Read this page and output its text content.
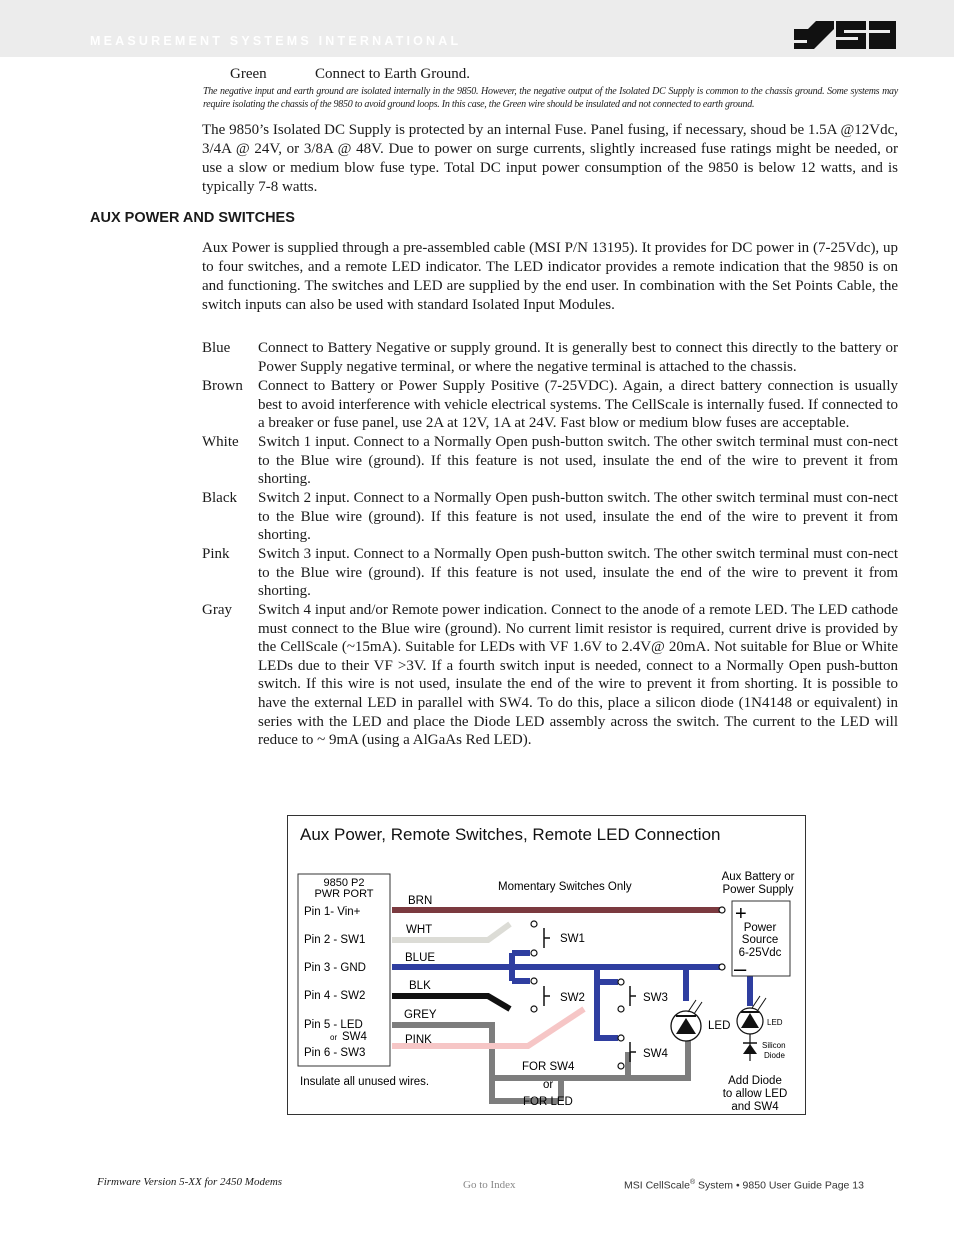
MEASUREMENT SYSTEMS INTERNATIONAL
Green	Connect to Earth Ground.
The negative input and earth ground are isolated internally in the 9850. However, the negative output of the Isolated DC Supply is common to the chassis ground. Some systems may require isolating the chassis of the 9850 to avoid ground loops. In this case, the Green wire should be insulated and not connected to earth ground.
The 9850’s Isolated DC Supply is protected by an internal Fuse. Panel fusing, if necessary, shoud be 1.5A @12Vdc, 3/4A @ 24V, or 3/8A @ 48V. Due to power on surge currents, slightly increased fuse ratings might be needed, or use a slow or medium blow fuse type. Total DC input power consumption of the 9850 is below 12 watts, and is typically 7-8 watts.
AUX POWER AND SWITCHES
Aux Power is supplied through a pre-assembled cable (MSI P/N 13195). It provides for DC power in (7-25Vdc), up to four switches, and a remote LED indicator. The LED indicator provides a remote indication that the 9850 is on and functioning. The switches and LED are supplied by the end user. In combination with the Set Points Cable, the switch inputs can also be used with standard Isolated Input Modules.
Blue Connect to Battery Negative or supply ground. It is generally best to connect this directly to the battery or Power Supply negative terminal, or where the negative terminal is attached to the chassis.
Brown Connect to Battery or Power Supply Positive (7-25VDC). Again, a direct battery connection is usually best to avoid interference with vehicle electrical systems. The CellScale is internally fused. If connected to a breaker or fuse panel, use 2A at 12V, 1A at 24V. Fast blow or medium blow fuses are acceptable.
White Switch 1 input. Connect to a Normally Open push-button switch. The other switch terminal must con-nect to the Blue wire (ground). If this feature is not used, insulate the end of the wire to prevent it from shorting.
Black Switch 2 input. Connect to a Normally Open push-button switch. The other switch terminal must con-nect to the Blue wire (ground). If this feature is not used, insulate the end of the wire to prevent it from shorting.
Pink Switch 3 input. Connect to a Normally Open push-button switch. The other switch terminal must con-nect to the Blue wire (ground). If this feature is not used, insulate the end of the wire to prevent it from shorting.
Gray Switch 4 input and/or Remote power indication. Connect to the anode of a remote LED. The LED cathode must connect to the Blue wire (ground). No current limit resistor is required, current drive is provided by the CellScale (~15mA). Suitable for LEDs with VF 1.6V to 2.4V@ 20mA. Not suitable for Blue or White LEDs due to their VF >3V. If a fourth switch input is needed, connect to a Normally Open push-button switch. If this wire is not used, insulate the end of the wire to prevent it from shorting. It is possible to have the external LED in parallel with SW4. To do this, place a silicon diode (1N4148 or equivalent) in series with the LED and place the Diode LED assembly across the switch. The current to the LED will reduce to ~ 9mA (using a AlGaAs Red LED).
Aux Power, Remote Switches, Remote LED Connection
9850 P2
PWR PORT
Pin 1- Vin+
Pin 2 - SW1
Pin 3 - GND
Pin 4 - SW2
Pin 5 - LED
or SW4
Pin 6 - SW3
BRN
WHT
BLUE
BLK
GREY
PINK
SW1
SW2	SW3
SW4
LED
+
–
Power
Source
6-25Vdc
Aux Battery or
Power Supply
LED
Silicon
Diode
Momentary Switches Only
Insulate all unused wires.
FOR SW4
or
FOR LED
Add Diode
to allow LED
and SW4
Firmware Version 5-XX for 2450 Modems	Go to Index	MSI CellScale® System • 9850 User Guide Page 13
